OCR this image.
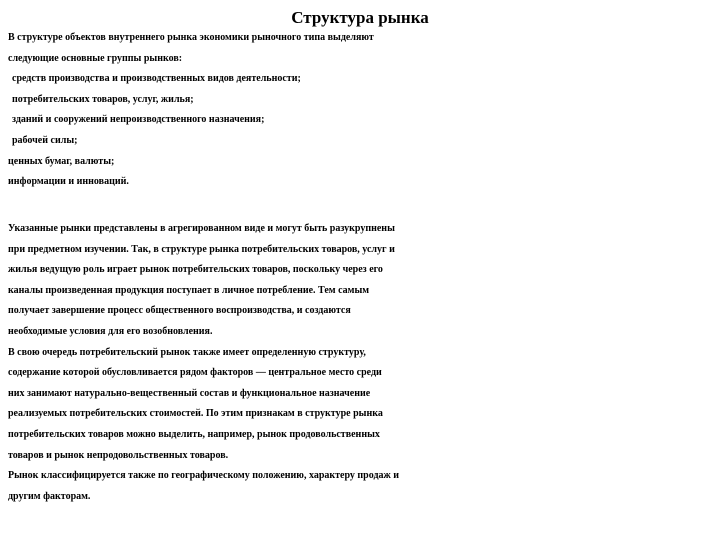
Структура рынка
В структуре объектов внутреннего рынка экономики рыночного типа выделяют
следующие основные группы рынков:
средств производства и производственных видов деятельности;
потребительских товаров, услуг, жилья;
зданий и сооружений непроизводственного назначения;
рабочей силы;
ценных бумаг, валюты;
информации и инноваций.
Указанные рынки представлены в агрегированном виде и могут быть разукрупнены
при предметном изучении. Так, в структуре рынка потребительских товаров, услуг и
жилья ведущую роль играет рынок потребительских товаров, поскольку через его
каналы произведенная продукция поступает в личное потребление. Тем самым
получает завершение процесс общественного воспроизводства, и создаются
необходимые условия для его возобновления.
В свою очередь потребительский рынок также имеет определенную структуру,
содержание которой обусловливается рядом факторов — центральное место среди
них занимают натурально-вещественный состав и функциональное назначение
реализуемых потребительских стоимостей. По этим признакам в структуре рынка
потребительских товаров можно выделить, например, рынок продовольственных
товаров и рынок непродовольственных товаров.
Рынок классифицируется также по географическому положению, характеру продаж и
другим факторам.
